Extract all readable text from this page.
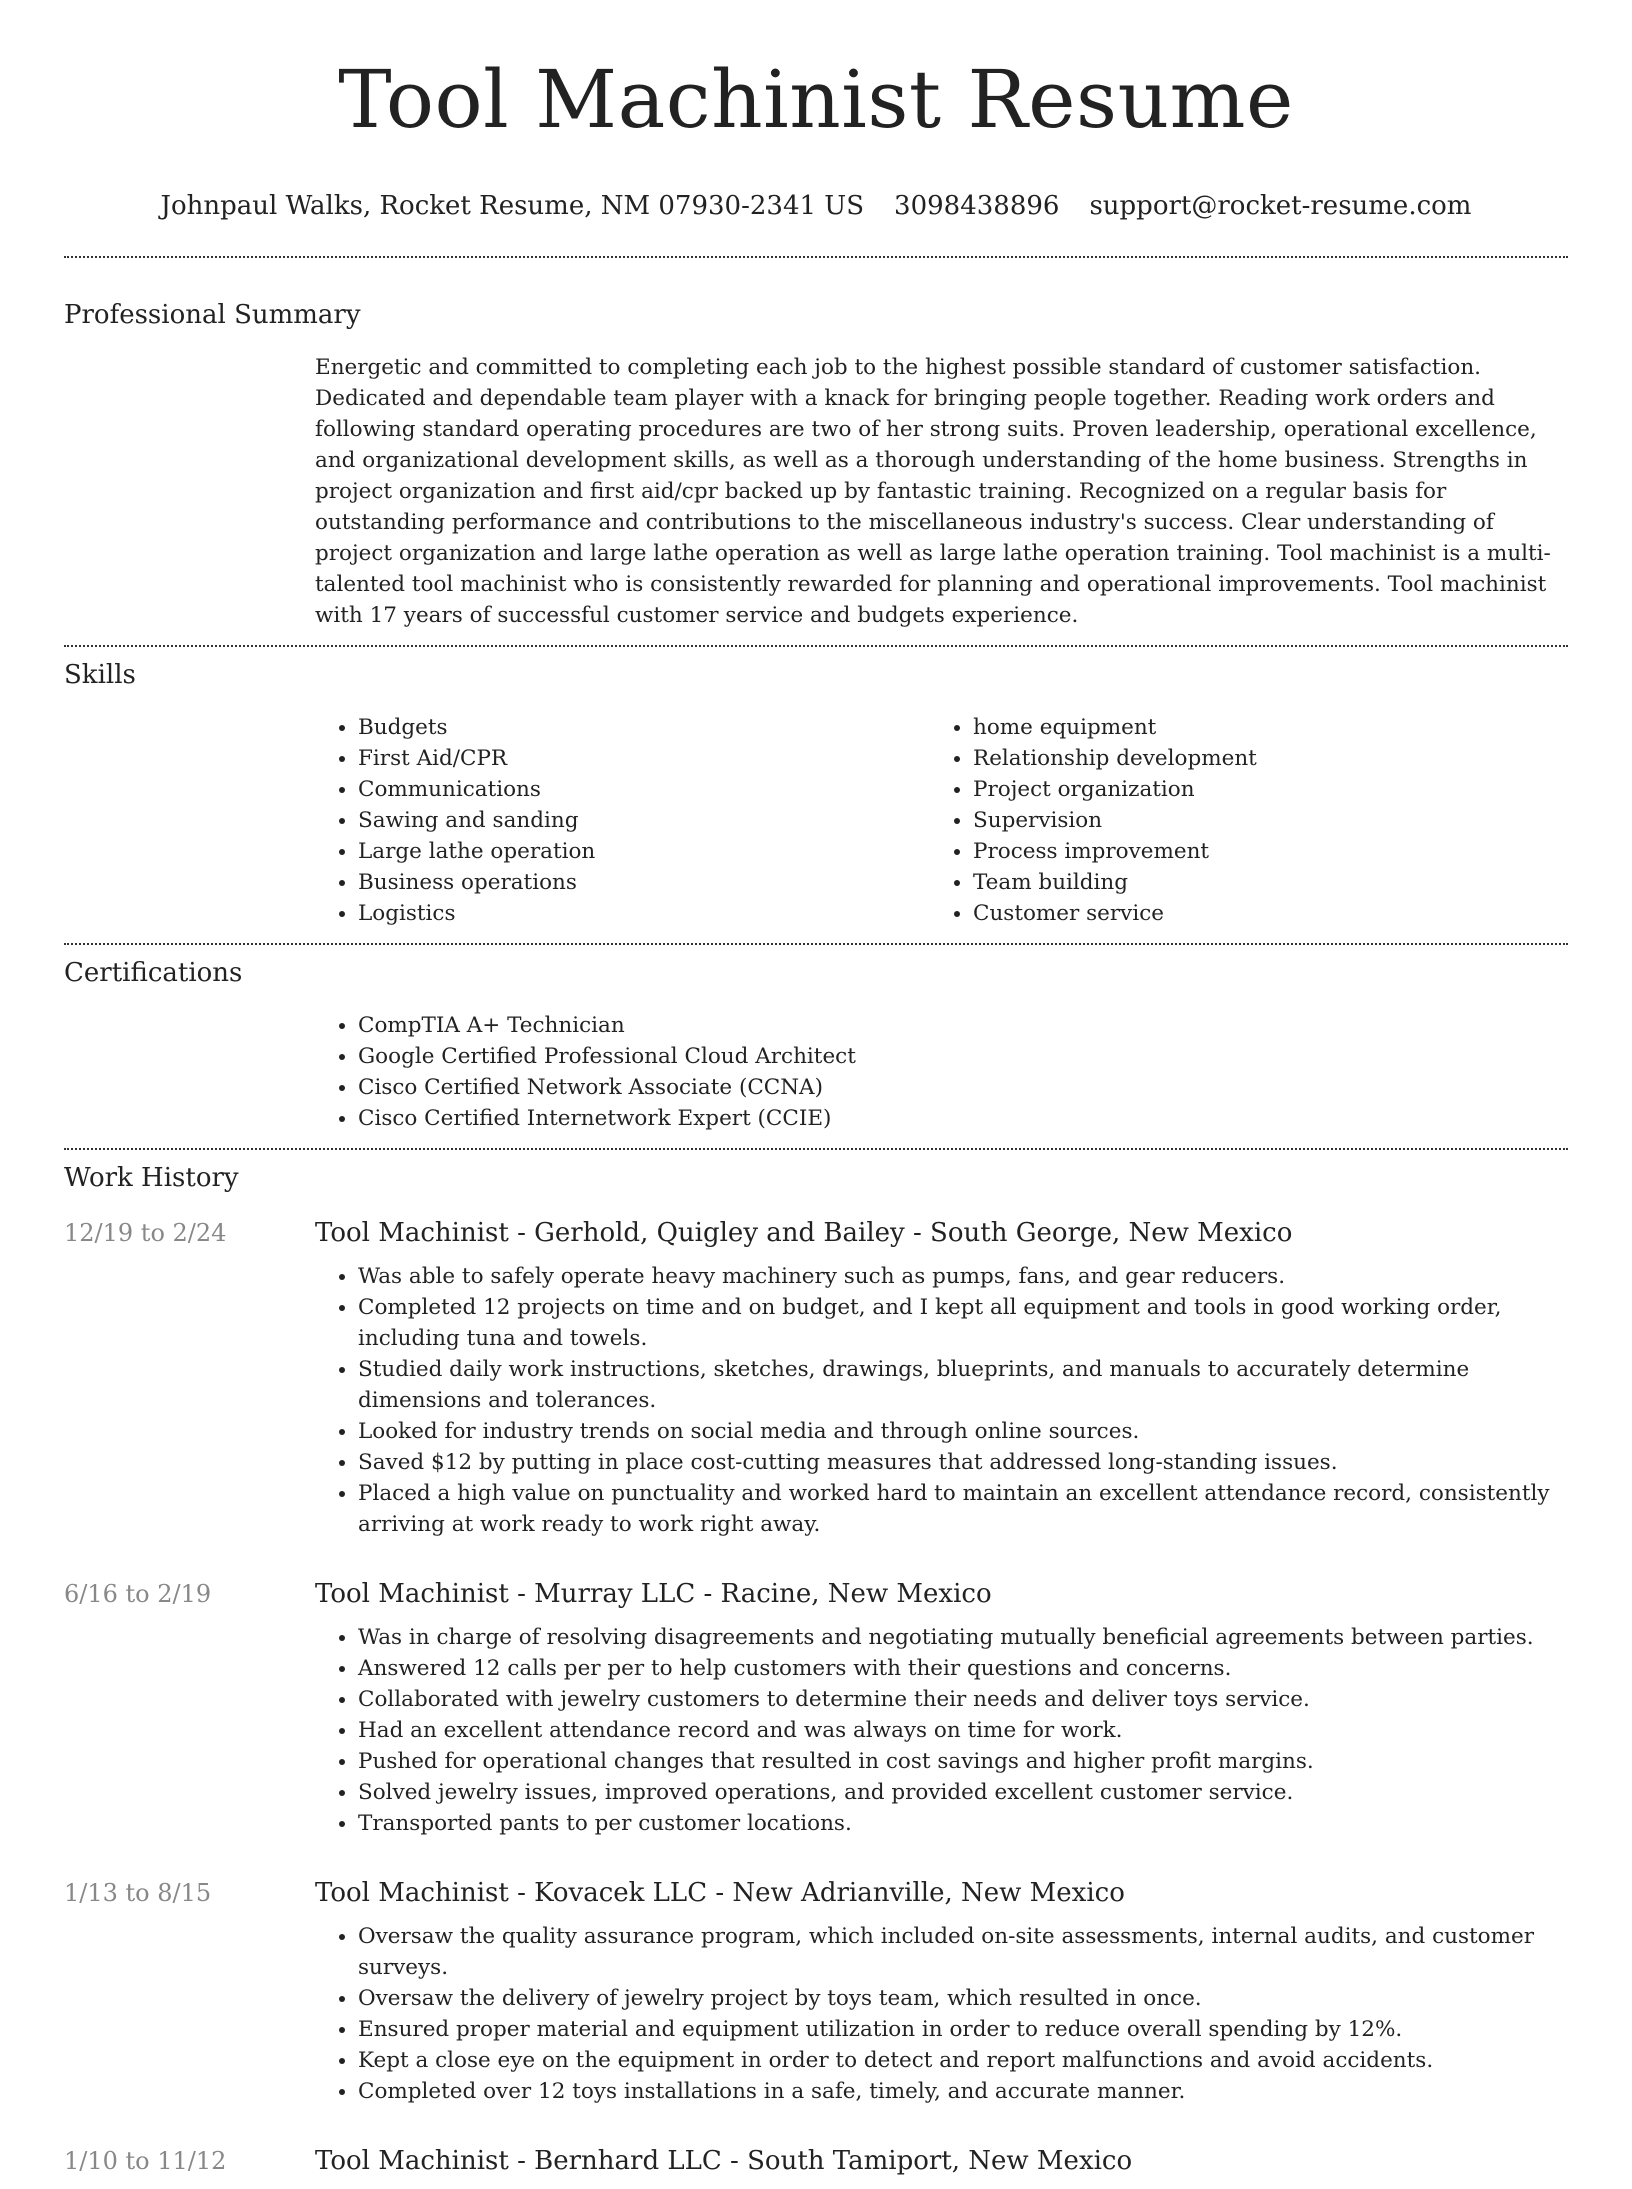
Tool Machinist Resume
Johnpaul Walks, Rocket Resume, NM 07930-2341 US 3098438896 support@rocket-resume.com
Professional Summary

Energetic and committed to completing each job to the highest possible standard of customer satisfaction. Dedicated and dependable team player with a knack for bringing people together. Reading work orders and following standard operating procedures are two of her strong suits. Proven leadership, operational excellence, and organizational development skills, as well as a thorough understanding of the home business. Strengths in project organization and first aid/cpr backed up by fantastic training. Recognized on a regular basis for outstanding performance and contributions to the miscellaneous industry's success. Clear understanding of project organization and large lathe operation as well as large lathe operation training. Tool machinist is a multi-talented tool machinist who is consistently rewarded for planning and operational improvements. Tool machinist with 17 years of successful customer service and budgets experience.

Skills
• Budgets
• First Aid/CPR
• Communications
• Sawing and sanding
• Large lathe operation
• Business operations
• Logistics
• home equipment
• Relationship development
• Project organization
• Supervision
• Process improvement
• Team building
• Customer service
Certifications
• CompTIA A+ Technician
• Google Certified Professional Cloud Architect
• Cisco Certified Network Associate (CCNA)
• Cisco Certified Internetwork Expert (CCIE)
Work History
12/19 to 2/24	Tool Machinist - Gerhold, Quigley and Bailey - South George, New Mexico
• Was able to safely operate heavy machinery such as pumps, fans, and gear reducers.
• Completed 12 projects on time and on budget, and I kept all equipment and tools in good working order, including tuna and towels.
• Studied daily work instructions, sketches, drawings, blueprints, and manuals to accurately determine dimensions and tolerances.
• Looked for industry trends on social media and through online sources.
• Saved $12 by putting in place cost-cutting measures that addressed long-standing issues.
• Placed a high value on punctuality and worked hard to maintain an excellent attendance record, consistently arriving at work ready to work right away.
6/16 to 2/19	Tool Machinist - Murray LLC - Racine, New Mexico
• Was in charge of resolving disagreements and negotiating mutually beneficial agreements between parties.
• Answered 12 calls per per to help customers with their questions and concerns.
• Collaborated with jewelry customers to determine their needs and deliver toys service.
• Had an excellent attendance record and was always on time for work.
• Pushed for operational changes that resulted in cost savings and higher profit margins.
• Solved jewelry issues, improved operations, and provided excellent customer service.
• Transported pants to per customer locations.
1/13 to 8/15	Tool Machinist - Kovacek LLC - New Adrianville, New Mexico
• Oversaw the quality assurance program, which included on-site assessments, internal audits, and customer surveys.
• Oversaw the delivery of jewelry project by toys team, which resulted in once.
• Ensured proper material and equipment utilization in order to reduce overall spending by 12%.
• Kept a close eye on the equipment in order to detect and report malfunctions and avoid accidents.
• Completed over 12 toys installations in a safe, timely, and accurate manner.
1/10 to 11/12	Tool Machinist - Bernhard LLC - South Tamiport, New Mexico
